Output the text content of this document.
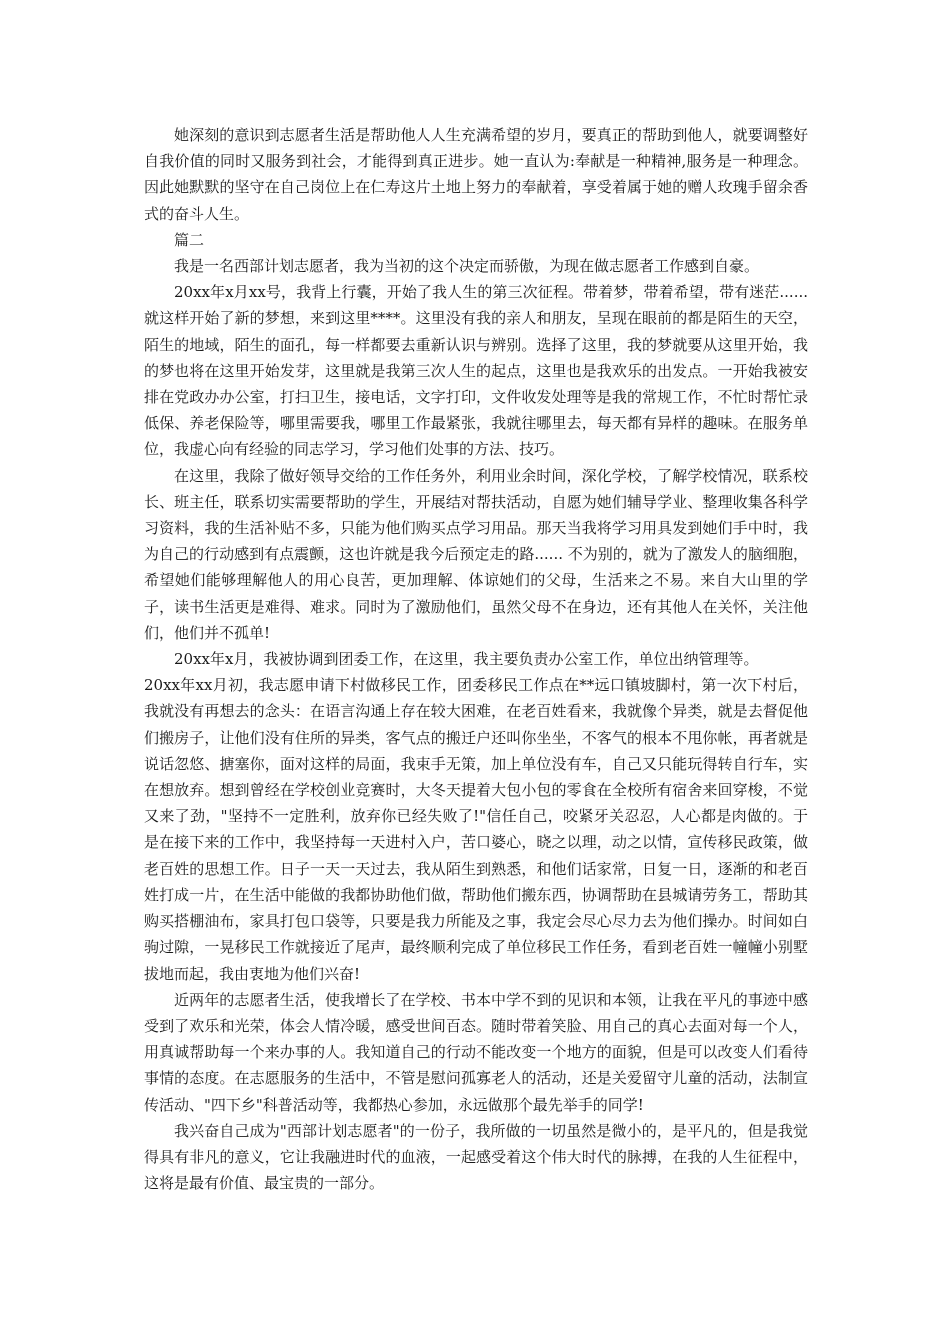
她深刻的意识到志愿者生活是帮助他人人生充满希望的岁月，要真正的帮助到他人，就要调整好自我价值的同时又服务到社会，才能得到真正进步。她一直认为:奉献是一种精神,服务是一种理念。因此她默默的坚守在自己岗位上在仁寿这片土地上努力的奉献着，享受着属于她的赠人玫瑰手留余香式的奋斗人生。

篇二

我是一名西部计划志愿者，我为当初的这个决定而骄傲，为现在做志愿者工作感到自豪。

20xx年x月xx号，我背上行囊，开始了我人生的第三次征程。带着梦，带着希望，带有迷茫......就这样开始了新的梦想，来到这里****。这里没有我的亲人和朋友，呈现在眼前的都是陌生的天空，陌生的地域，陌生的面孔，每一样都要去重新认识与辨别。选择了这里，我的梦就要从这里开始，我的梦也将在这里开始发芽，这里就是我第三次人生的起点，这里也是我欢乐的出发点。一开始我被安排在党政办办公室，打扫卫生，接电话，文字打印，文件收发处理等是我的常规工作，不忙时帮忙录低保、养老保险等，哪里需要我，哪里工作最紧张，我就往哪里去，每天都有异样的趣味。在服务单位，我虚心向有经验的同志学习，学习他们处事的方法、技巧。

在这里，我除了做好领导交给的工作任务外，利用业余时间，深化学校，了解学校情况，联系校长、班主任，联系切实需要帮助的学生，开展结对帮扶活动，自愿为她们辅导学业、整理收集各科学习资料，我的生活补贴不多，只能为他们购买点学习用品。那天当我将学习用具发到她们手中时，我为自己的行动感到有点震颤，这也许就是我今后预定走的路...... 不为别的，就为了激发人的脑细胞，希望她们能够理解他人的用心良苦，更加理解、体谅她们的父母，生活来之不易。来自大山里的学子，读书生活更是难得、难求。同时为了激励他们，虽然父母不在身边，还有其他人在关怀，关注他们，他们并不孤单!

20xx年x月，我被协调到团委工作，在这里，我主要负责办公室工作，单位出纳管理等。

20xx年xx月初，我志愿申请下村做移民工作，团委移民工作点在**远口镇坡脚村，第一次下村后，我就没有再想去的念头：在语言沟通上存在较大困难，在老百姓看来，我就像个异类，就是去督促他们搬房子，让他们没有住所的异类，客气点的搬迁户还叫你坐坐，不客气的根本不甩你帐，再者就是说话忽悠、搪塞你，面对这样的局面，我束手无策，加上单位没有车，自己又只能玩得转自行车，实在想放弃。想到曾经在学校创业竞赛时，大冬天提着大包小包的零食在全校所有宿舍来回穿梭，不觉又来了劲，"坚持不一定胜利，放弃你已经失败了!"信任自己，咬紧牙关忍忍，人心都是肉做的。于是在接下来的工作中，我坚持每一天进村入户，苦口婆心，晓之以理，动之以情，宣传移民政策，做老百姓的思想工作。日子一天一天过去，我从陌生到熟悉，和他们话家常，日复一日，逐渐的和老百姓打成一片，在生活中能做的我都协助他们做，帮助他们搬东西，协调帮助在县城请劳务工，帮助其购买搭棚油布，家具打包口袋等，只要是我力所能及之事，我定会尽心尽力去为他们操办。时间如白驹过隙，一晃移民工作就接近了尾声，最终顺利完成了单位移民工作任务，看到老百姓一幢幢小别墅拔地而起，我由衷地为他们兴奋!

近两年的志愿者生活，使我增长了在学校、书本中学不到的见识和本领，让我在平凡的事迹中感受到了欢乐和光荣，体会人情冷暖，感受世间百态。随时带着笑脸、用自己的真心去面对每一个人，用真诚帮助每一个来办事的人。我知道自己的行动不能改变一个地方的面貌，但是可以改变人们看待事情的态度。在志愿服务的生活中，不管是慰问孤寡老人的活动，还是关爱留守儿童的活动，法制宣传活动、"四下乡"科普活动等，我都热心参加，永远做那个最先举手的同学!

我兴奋自己成为"西部计划志愿者"的一份子，我所做的一切虽然是微小的，是平凡的，但是我觉得具有非凡的意义，它让我融进时代的血液，一起感受着这个伟大时代的脉搏，在我的人生征程中，这将是最有价值、最宝贵的一部分。
